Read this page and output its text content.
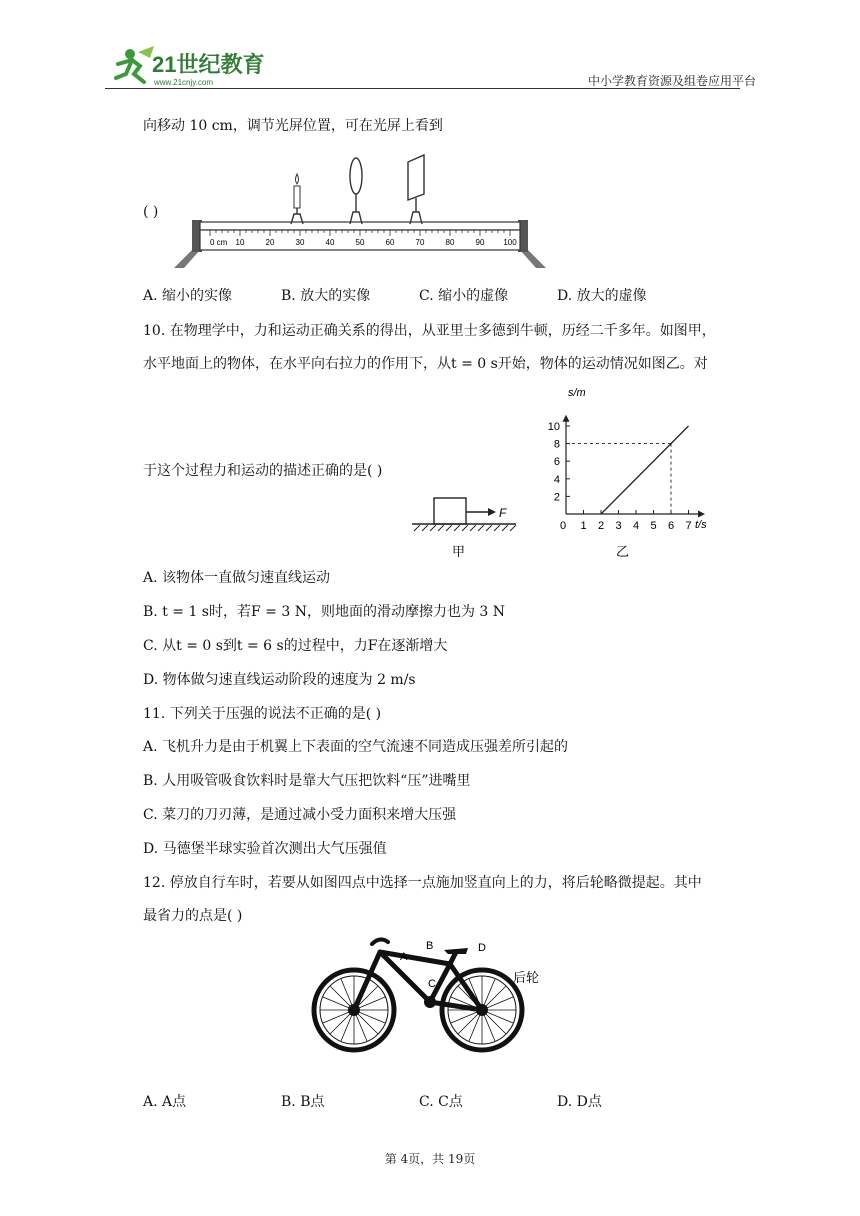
21世纪教育
www.21cnjy.com	中小学教育资源及组卷应用平台
向移动 10 cm，调节光屏位置，可在光屏上看到
( )
0 cm 10	20	30	40	50	60	70	80	90 100
A. 缩小的实像	B. 放大的实像	C. 缩小的虚像	D. 放大的虚像
10. 在物理学中，力和运动正确关系的得出，从亚里士多德到牛顿，历经二千多年。如图甲，
水平地面上的物体，在水平向右拉力的作用下，从t = 0 s开始，物体的运动情况如图乙。对
于这个过程力和运动的描述正确的是( )
F
甲
s/m
t/s
2
4
6
8
10
0 1 2 3 4 5 6 7
乙
A. 该物体一直做匀速直线运动
B. t = 1 s时，若F = 3 N，则地面的滑动摩擦力也为 3 N
C. 从t = 0 s到t = 6 s的过程中，力F在逐渐增大
D. 物体做匀速直线运动阶段的速度为 2 m/s
11. 下列关于压强的说法不正确的是( )
A. 飞机升力是由于机翼上下表面的空气流速不同造成压强差所引起的
B. 人用吸管吸食饮料时是靠大气压把饮料“压”进嘴里
C. 菜刀的刀刃薄，是通过减小受力面积来增大压强
D. 马德堡半球实验首次测出大气压强值
12. 停放自行车时，若要从如图四点中选择一点施加竖直向上的力，将后轮略微提起。其中
最省力的点是( )
A
B
C
D
后轮
A. A点	B. B点	C. C点	D. D点
第 4页，共 19页
